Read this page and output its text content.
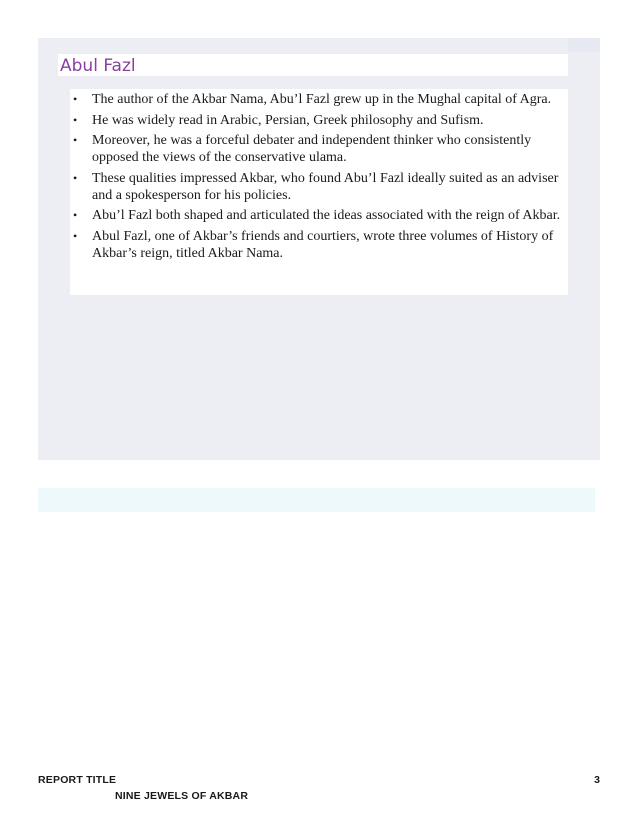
Abul Fazl
• The author of the Akbar Nama, Abu’l Fazl grew up in the Mughal capital of Agra.
• He was widely read in Arabic, Persian, Greek philosophy and Sufism.
• Moreover, he was a forceful debater and independent thinker who consistently opposed the views of the conservative ulama.
• These qualities impressed Akbar, who found Abu’l Fazl ideally suited as an adviser and a spokesperson for his policies.
• Abu’l Fazl both shaped and articulated the ideas associated with the reign of Akbar.
• Abul Fazl, one of Akbar’s friends and courtiers, wrote three volumes of History of Akbar’s reign, titled Akbar Nama.
REPORT TITLE
NINE JEWELS OF AKBAR
3
